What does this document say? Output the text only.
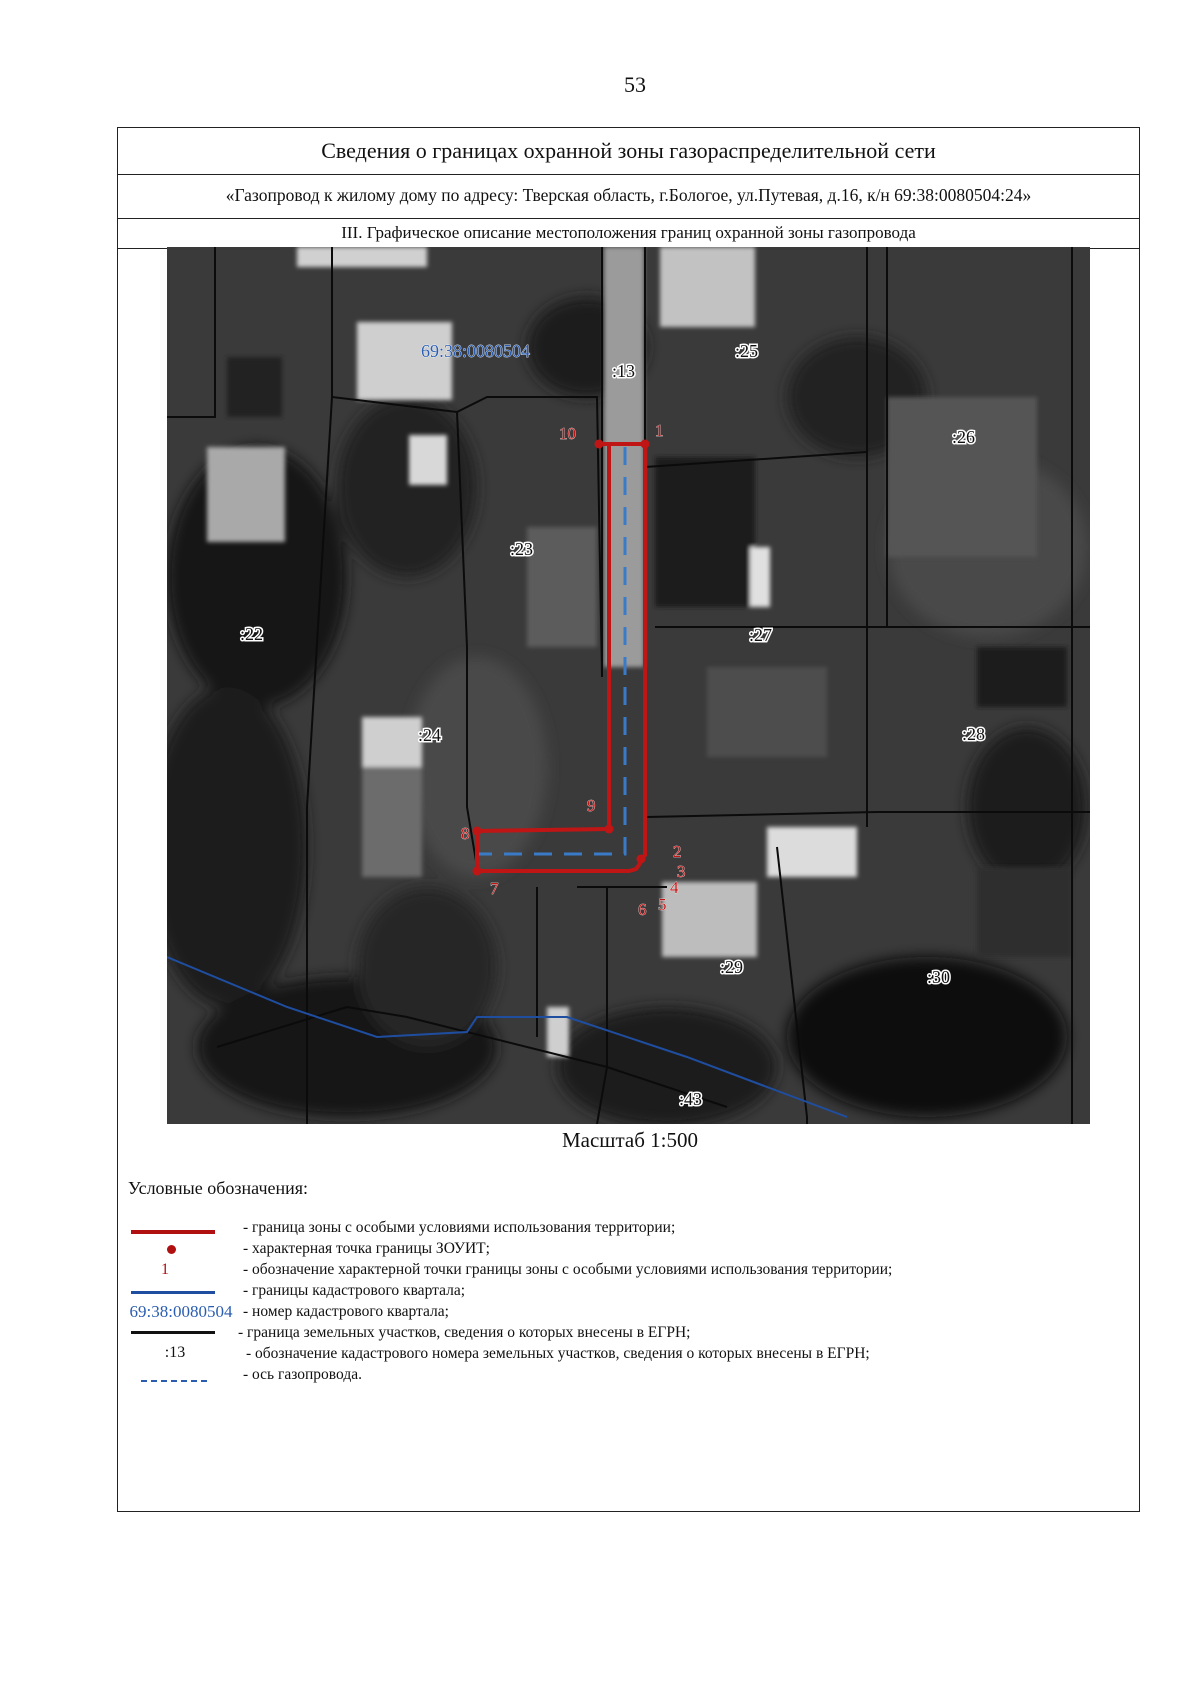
53
Сведения о границах охранной зоны газораспределительной сети
«Газопровод к жилому дому по адресу: Тверская область, г.Бологое, ул.Путевая, д.16, к/н 69:38:0080504:24»
III. Графическое описание местоположения границ охранной зоны газопровода
1
2
3
4
5
6
7
8
9
10
69:38:0080504
:13
:25
:26
:23
:27
:22
:24	:28
:29	:30
:43
Масштаб 1:500
Условные обозначения:
- граница зоны с особыми условиями использования территории;
- характерная точка границы ЗОУИТ;
1	- обозначение характерной точки границы зоны с особыми условиями использования территории;
- границы кадастрового квартала;
69:38:0080504 - номер кадастрового квартала;
- граница земельных участков, сведения о которых внесены в ЕГРН;
:13	- обозначение кадастрового номера земельных участков, сведения о которых внесены в ЕГРН;
- ось газопровода.
